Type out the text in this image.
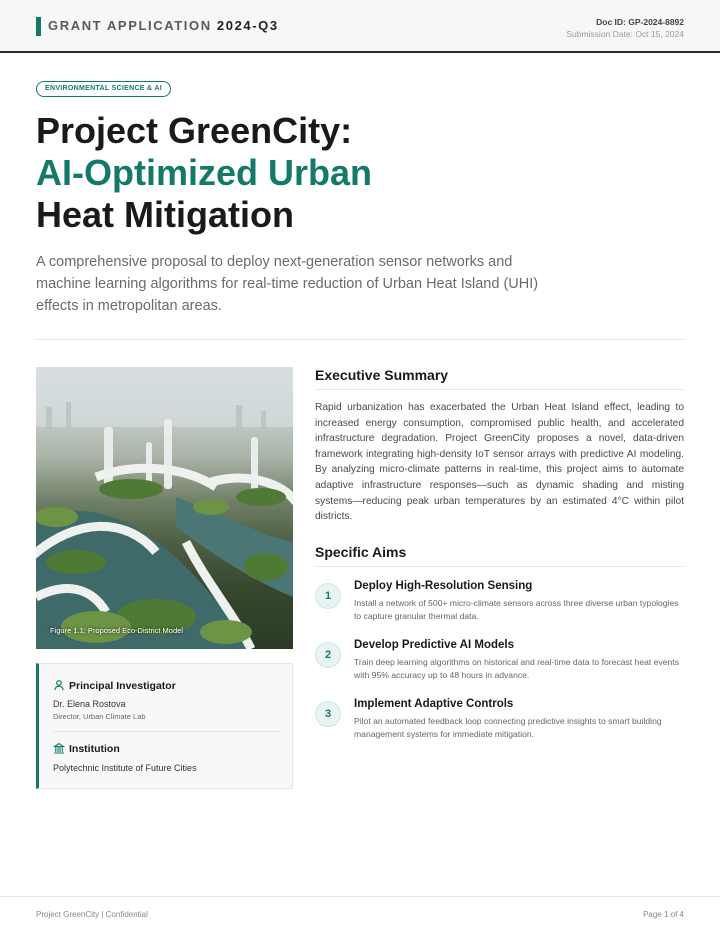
GRANT APPLICATION 2024-Q3	Doc ID: GP-2024-8892
Submission Date: Oct 15, 2024
ENVIRONMENTAL SCIENCE & AI
Project GreenCity:
AI-Optimized Urban
Heat Mitigation

A comprehensive proposal to deploy next-generation sensor networks and machine learning algorithms for real-time reduction of Urban Heat Island (UHI) effects in metropolitan areas.

Figure 1.1: Proposed Eco-District Model
Principal Investigator
Dr. Elena Rostova
Director, Urban Climate Lab
Institution
Polytechnic Institute of Future Cities
Executive Summary

Rapid urbanization has exacerbated the Urban Heat Island effect, leading to increased energy consumption, compromised public health, and accelerated infrastructure degradation. Project GreenCity proposes a novel, data-driven framework integrating high-density IoT sensor arrays with predictive AI modeling. By analyzing micro-climate patterns in real-time, this project aims to automate adaptive infrastructure responses—such as dynamic shading and misting systems—reducing peak urban temperatures by an estimated 4°C within pilot districts.

Specific Aims
1
Deploy High-Resolution Sensing

Install a network of 500+ micro-climate sensors across three diverse urban typologies to capture granular thermal data.

2
Develop Predictive AI Models

Train deep learning algorithms on historical and real-time data to forecast heat events with 95% accuracy up to 48 hours in advance.

3
Implement Adaptive Controls

Pilot an automated feedback loop connecting predictive insights to smart building management systems for immediate mitigation.

Project GreenCity | Confidential	Page 1 of 4
